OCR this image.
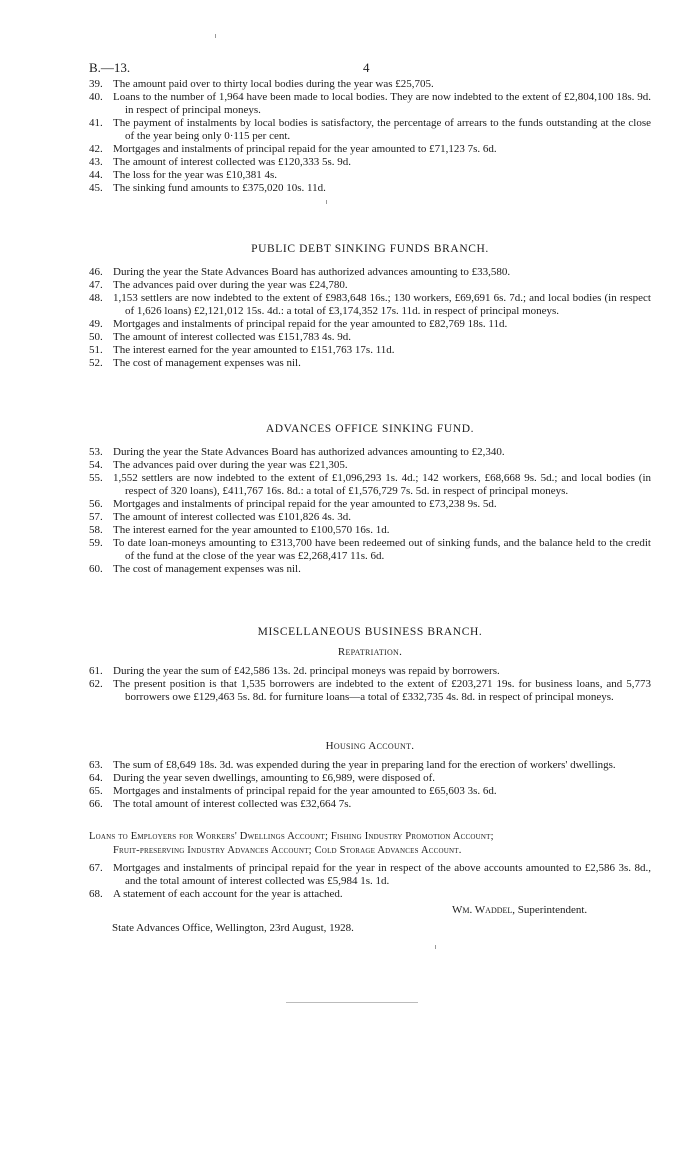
B.—13.	4
39. The amount paid over to thirty local bodies during the year was £25,705.
40. Loans to the number of 1,964 have been made to local bodies. They are now indebted to the extent of £2,804,100 18s. 9d. in respect of principal moneys.
41. The payment of instalments by local bodies is satisfactory, the percentage of arrears to the funds outstanding at the close of the year being only 0·115 per cent.
42. Mortgages and instalments of principal repaid for the year amounted to £71,123 7s. 6d.
43. The amount of interest collected was £120,333 5s. 9d.
44. The loss for the year was £10,381 4s.
45. The sinking fund amounts to £375,020 10s. 11d.
PUBLIC DEBT SINKING FUNDS BRANCH.
46. During the year the State Advances Board has authorized advances amounting to £33,580.
47. The advances paid over during the year was £24,780.
48. 1,153 settlers are now indebted to the extent of £983,648 16s.; 130 workers, £69,691 6s. 7d.; and local bodies (in respect of 1,626 loans) £2,121,012 15s. 4d.: a total of £3,174,352 17s. 11d. in respect of principal moneys.
49. Mortgages and instalments of principal repaid for the year amounted to £82,769 18s. 11d.
50. The amount of interest collected was £151,783 4s. 9d.
51. The interest earned for the year amounted to £151,763 17s. 11d.
52. The cost of management expenses was nil.
ADVANCES OFFICE SINKING FUND.
53. During the year the State Advances Board has authorized advances amounting to £2,340.
54. The advances paid over during the year was £21,305.
55. 1,552 settlers are now indebted to the extent of £1,096,293 1s. 4d.; 142 workers, £68,668 9s. 5d.; and local bodies (in respect of 320 loans), £411,767 16s. 8d.: a total of £1,576,729 7s. 5d. in respect of principal moneys.
56. Mortgages and instalments of principal repaid for the year amounted to £73,238 9s. 5d.
57. The amount of interest collected was £101,826 4s. 3d.
58. The interest earned for the year amounted to £100,570 16s. 1d.
59. To date loan-moneys amounting to £313,700 have been redeemed out of sinking funds, and the balance held to the credit of the fund at the close of the year was £2,268,417 11s. 6d.
60. The cost of management expenses was nil.
MISCELLANEOUS BUSINESS BRANCH.
Repatriation.
61. During the year the sum of £42,586 13s. 2d. principal moneys was repaid by borrowers.
62. The present position is that 1,535 borrowers are indebted to the extent of £203,271 19s. for business loans, and 5,773 borrowers owe £129,463 5s. 8d. for furniture loans—a total of £332,735 4s. 8d. in respect of principal moneys.
Housing Account.
63. The sum of £8,649 18s. 3d. was expended during the year in preparing land for the erection of workers' dwellings.
64. During the year seven dwellings, amounting to £6,989, were disposed of.
65. Mortgages and instalments of principal repaid for the year amounted to £65,603 3s. 6d.
66. The total amount of interest collected was £32,664 7s.
Loans to Employers for Workers' Dwellings Account; Fishing Industry Promotion Account;
Fruit-preserving Industry Advances Account; Cold Storage Advances Account.
67. Mortgages and instalments of principal repaid for the year in respect of the above accounts amounted to £2,586 3s. 8d., and the total amount of interest collected was £5,984 1s. 1d.
68. A statement of each account for the year is attached.
Wm. Waddel, Superintendent.
State Advances Office, Wellington, 23rd August, 1928.
